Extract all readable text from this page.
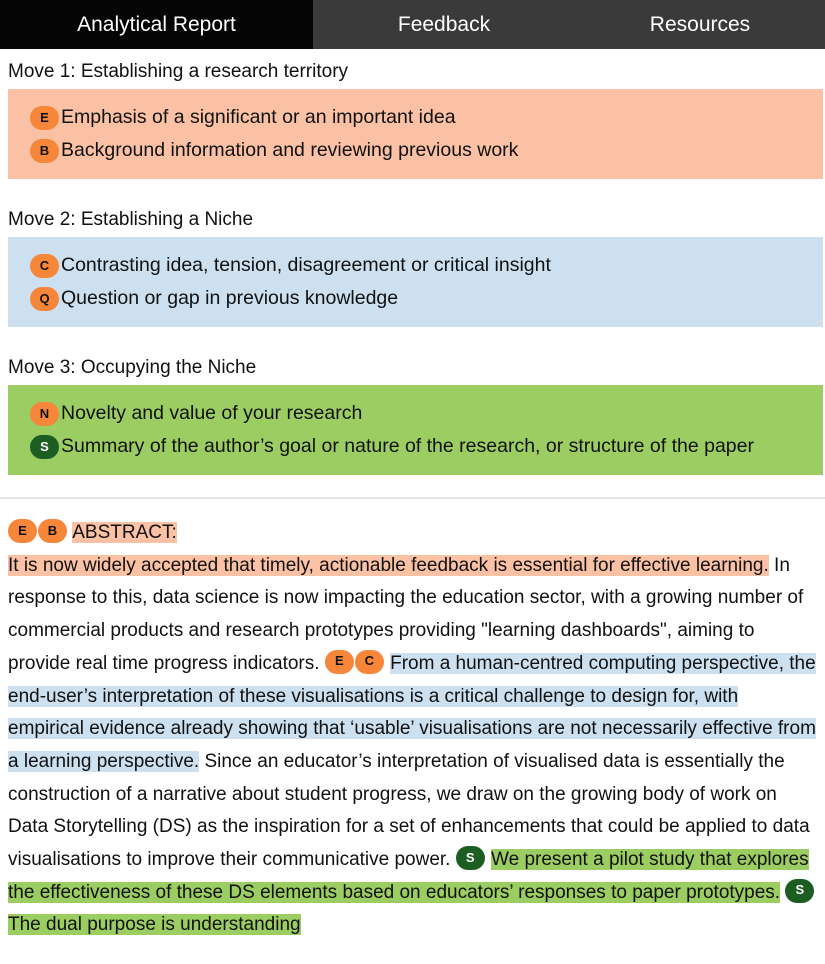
Analytical Report	Feedback	Resources
Move 1: Establishing a research territory
E Emphasis of a significant or an important idea
B Background information and reviewing previous work
Move 2: Establishing a Niche
C Contrasting idea, tension, disagreement or critical insight
Q Question or gap in previous knowledge
Move 3: Occupying the Niche
N Novelty and value of your research
S Summary of the author’s goal or nature of the research, or structure of the paper
E B ABSTRACT:
It is now widely accepted that timely, actionable feedback is essential for effective learning. In response to this, data science is now impacting the education sector, with a growing number of commercial products and research prototypes providing "learning dashboards", aiming to provide real time progress indicators. E C From a human-centred computing perspective, the end-user’s interpretation of these visualisations is a critical challenge to design for, with empirical evidence already showing that ‘usable’ visualisations are not necessarily effective from a learning perspective. Since an educator’s interpretation of visualised data is essentially the construction of a narrative about student progress, we draw on the growing body of work on Data Storytelling (DS) as the inspiration for a set of enhancements that could be applied to data visualisations to improve their communicative power. S We present a pilot study that explores the effectiveness of these DS elements based on educators’ responses to paper prototypes. S The dual purpose is understanding
